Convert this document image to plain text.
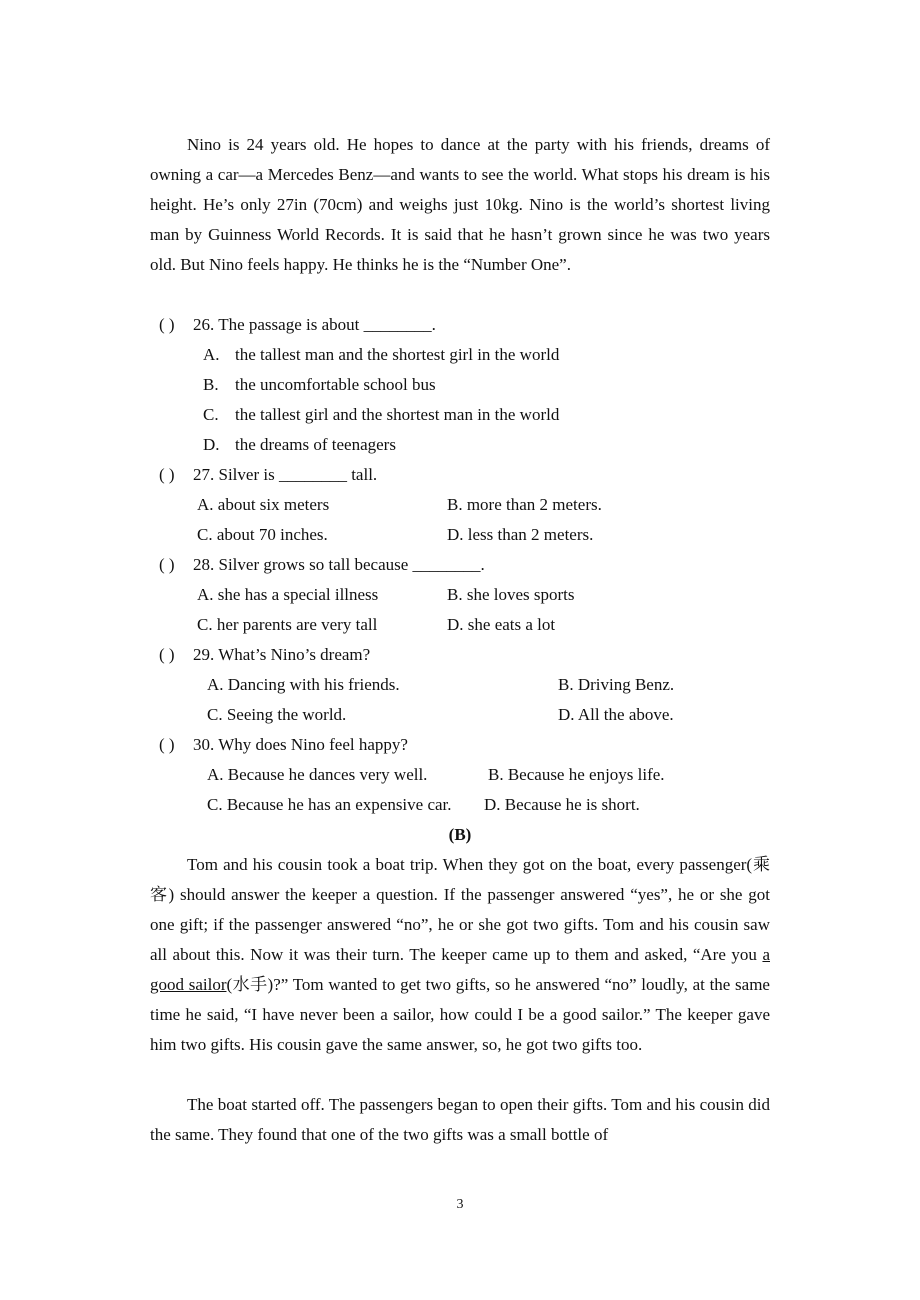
Nino is 24 years old. He hopes to dance at the party with his friends, dreams of owning a car—a Mercedes Benz—and wants to see the world. What stops his dream is his height. He’s only 27in (70cm) and weighs just 10kg. Nino is the world’s shortest living man by Guinness World Records. It is said that he hasn’t grown since he was two years old. But Nino feels happy. He thinks he is the “Number One”.

( ) 26. The passage is about ________.
A. the tallest man and the shortest girl in the world
B. the uncomfortable school bus
C. the tallest girl and the shortest man in the world
D. the dreams of teenagers
( ) 27. Silver is ________ tall.
A. about six meters	B. more than 2 meters.
C. about 70 inches.	D. less than 2 meters.
( ) 28. Silver grows so tall because ________.
A. she has a special illness	B. she loves sports
C. her parents are very tall	D. she eats a lot
( ) 29. What’s Nino’s dream?
A. Dancing with his friends.	B. Driving Benz.
C. Seeing the world.	D. All the above.
( ) 30. Why does Nino feel happy?
A. Because he dances very well.	B. Because he enjoys life.
C. Because he has an expensive car. D. Because he is short.
(B)

Tom and his cousin took a boat trip. When they got on the boat, every passenger(乘客) should answer the keeper a question. If the passenger answered “yes”, he or she got one gift; if the passenger answered “no”, he or she got two gifts. Tom and his cousin saw all about this. Now it was their turn. The keeper came up to them and asked, “Are you a good sailor(水手)?” Tom wanted to get two gifts, so he answered “no” loudly, at the same time he said, “I have never been a sailor, how could I be a good sailor.” The keeper gave him two gifts. His cousin gave the same answer, so, he got two gifts too.

The boat started off. The passengers began to open their gifts. Tom and his cousin did the same. They found that one of the two gifts was a small bottle of

3
